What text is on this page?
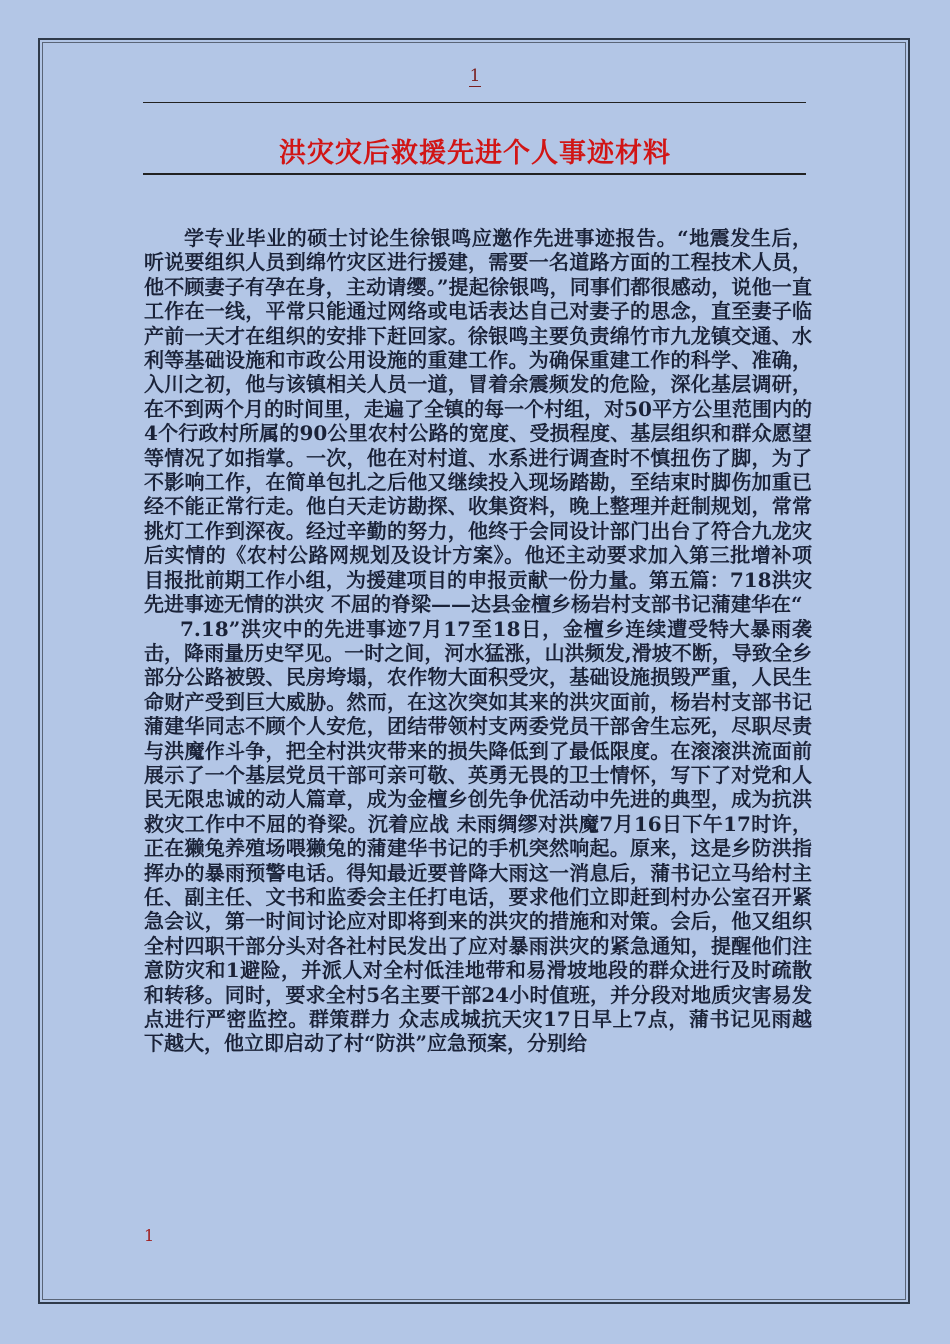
1
洪灾灾后救援先进个人事迹材料

学专业毕业的硕士讨论生徐银鸣应邀作先进事迹报告。“地震发生后，听说要组织人员到绵竹灾区进行援建，需要一名道路方面的工程技术人员，他不顾妻子有孕在身，主动请缨。”提起徐银鸣，同事们都很感动，说他一直工作在一线，平常只能通过网络或电话表达自己对妻子的思念，直至妻子临产前一天才在组织的安排下赶回家。徐银鸣主要负责绵竹市九龙镇交通、水利等基础设施和市政公用设施的重建工作。为确保重建工作的科学、准确，入川之初，他与该镇相关人员一道，冒着余震频发的危险，深化基层调研，在不到两个月的时间里，走遍了全镇的每一个村组，对50平方公里范围内的4个行政村所属的90公里农村公路的宽度、受损程度、基层组织和群众愿望等情况了如指掌。一次，他在对村道、水系进行调查时不慎扭伤了脚，为了不影响工作，在简单包扎之后他又继续投入现场踏勘，至结束时脚伤加重已经不能正常行走。他白天走访勘探、收集资料，晚上整理并赶制规划，常常挑灯工作到深夜。经过辛勤的努力，他终于会同设计部门出台了符合九龙灾后实情的《农村公路网规划及设计方案》。他还主动要求加入第三批增补项目报批前期工作小组，为援建项目的申报贡献一份力量。第五篇：718洪灾先进事迹无情的洪灾 不屈的脊梁——达县金檀乡杨岩村支部书记蒲建华在“

7.18”洪灾中的先进事迹7月17至18日，金檀乡连续遭受特大暴雨袭击，降雨量历史罕见。一时之间，河水猛涨，山洪频发,滑坡不断，导致全乡部分公路被毁、民房垮塌，农作物大面积受灾，基础设施损毁严重，人民生命财产受到巨大威胁。然而，在这次突如其来的洪灾面前，杨岩村支部书记蒲建华同志不顾个人安危，团结带领村支两委党员干部舍生忘死，尽职尽责与洪魔作斗争，把全村洪灾带来的损失降低到了最低限度。在滚滚洪流面前展示了一个基层党员干部可亲可敬、英勇无畏的卫士情怀，写下了对党和人民无限忠诚的动人篇章，成为金檀乡创先争优活动中先进的典型，成为抗洪救灾工作中不屈的脊梁。沉着应战 未雨绸缪对洪魔7月16日下午17时许，正在獭兔养殖场喂獭兔的蒲建华书记的手机突然响起。原来，这是乡防洪指挥办的暴雨预警电话。得知最近要普降大雨这一消息后，蒲书记立马给村主任、副主任、文书和监委会主任打电话，要求他们立即赶到村办公室召开紧急会议，第一时间讨论应对即将到来的洪灾的措施和对策。会后，他又组织全村四职干部分头对各社村民发出了应对暴雨洪灾的紧急通知，提醒他们注意防灾和1避险，并派人对全村低洼地带和易滑坡地段的群众进行及时疏散和转移。同时，要求全村5名主要干部24小时值班，并分段对地质灾害易发点进行严密监控。群策群力 众志成城抗天灾17日早上7点，蒲书记见雨越下越大，他立即启动了村“防洪”应急预案，分别给

1
